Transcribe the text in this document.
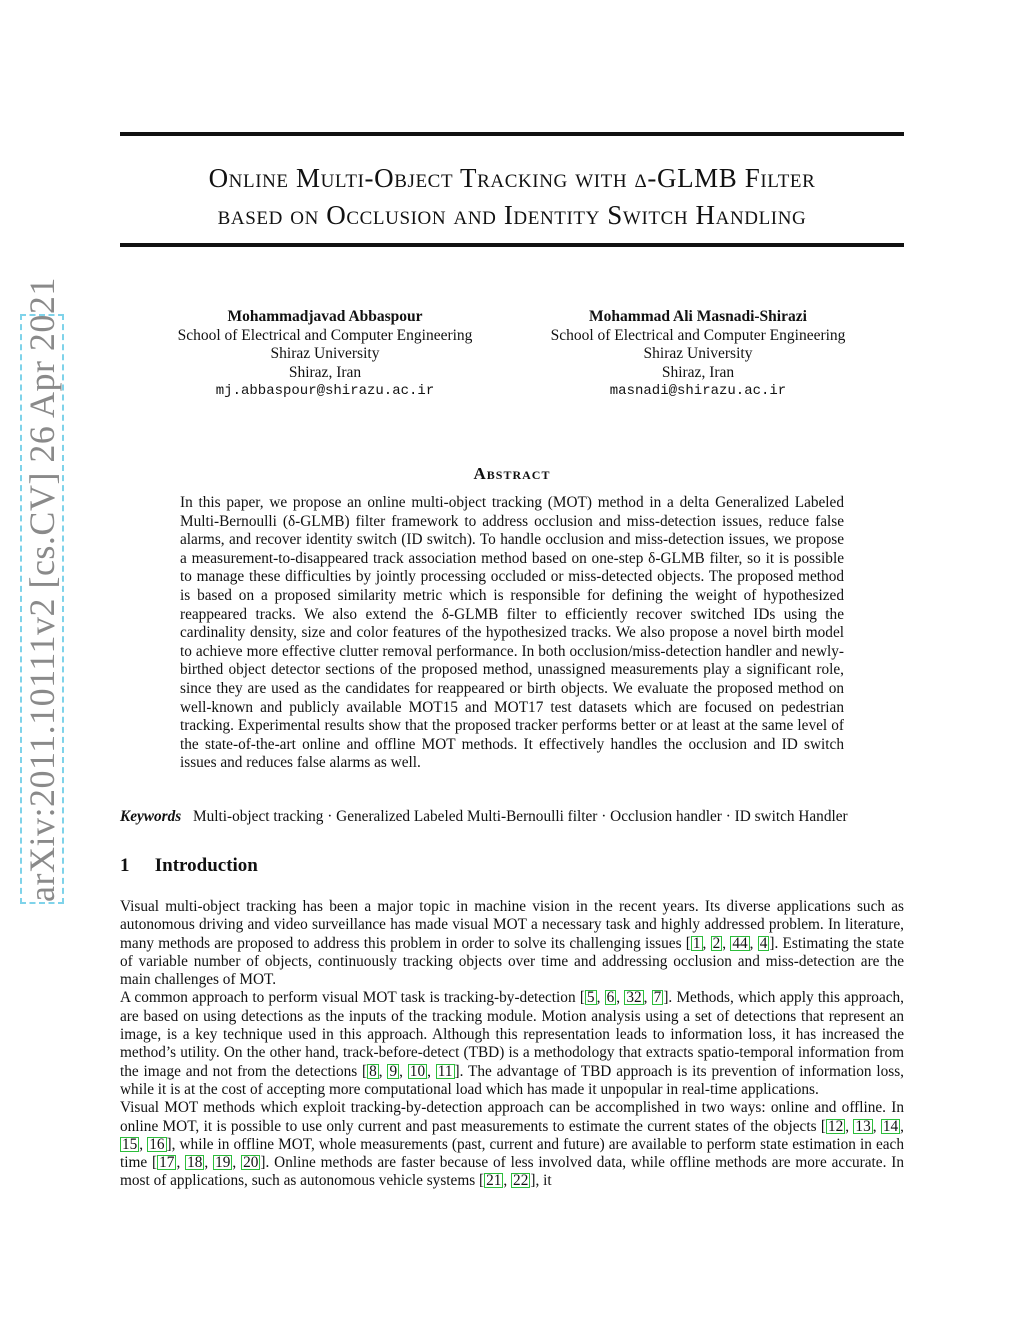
arXiv:2011.10111v2 [cs.CV] 26 Apr 2021
Online Multi-Object Tracking with δ-GLMB Filter
based on Occlusion and Identity Switch Handling
Mohammadjavad Abbaspour
School of Electrical and Computer Engineering
Shiraz University
Shiraz, Iran
mj.abbaspour@shirazu.ac.ir
Mohammad Ali Masnadi-Shirazi
School of Electrical and Computer Engineering
Shiraz University
Shiraz, Iran
masnadi@shirazu.ac.ir
Abstract
In this paper, we propose an online multi-object tracking (MOT) method in a delta Generalized Labeled Multi-Bernoulli (δ-GLMB) filter framework to address occlusion and miss-detection issues, reduce false alarms, and recover identity switch (ID switch). To handle occlusion and miss-detection issues, we propose a measurement-to-disappeared track association method based on one-step δ-GLMB filter, so it is possible to manage these difficulties by jointly processing occluded or miss-detected objects. The proposed method is based on a proposed similarity metric which is responsible for defining the weight of hypothesized reappeared tracks. We also extend the δ-GLMB filter to efficiently recover switched IDs using the cardinality density, size and color features of the hypothesized tracks. We also propose a novel birth model to achieve more effective clutter removal performance. In both occlusion/miss-detection handler and newly-birthed object detector sections of the proposed method, unassigned measurements play a significant role, since they are used as the candidates for reappeared or birth objects. We evaluate the proposed method on well-known and publicly available MOT15 and MOT17 test datasets which are focused on pedestrian tracking. Experimental results show that the proposed tracker performs better or at least at the same level of the state-of-the-art online and offline MOT methods. It effectively handles the occlusion and ID switch issues and reduces false alarms as well.
Keywords Multi-object tracking · Generalized Labeled Multi-Bernoulli filter · Occlusion handler · ID switch Handler
1 Introduction

Visual multi-object tracking has been a major topic in machine vision in the recent years. Its diverse applications such as autonomous driving and video surveillance has made visual MOT a necessary task and highly addressed problem. In literature, many methods are proposed to address this problem in order to solve its challenging issues [ 1 , 2 , 44 , 4 ]. Estimating the state of variable number of objects, continuously tracking objects over time and addressing occlusion and miss-detection are the main challenges of MOT.

A common approach to perform visual MOT task is tracking-by-detection [ 5 , 6 , 32 , 7 ]. Methods, which apply this approach, are based on using detections as the inputs of the tracking module. Motion analysis using a set of detections that represent an image, is a key technique used in this approach. Although this representation leads to information loss, it has increased the method’s utility. On the other hand, track-before-detect (TBD) is a methodology that extracts spatio-temporal information from the image and not from the detections [ 8 , 9 , 10 , 11 ]. The advantage of TBD approach is its prevention of information loss, while it is at the cost of accepting more computational load which has made it unpopular in real-time applications.

Visual MOT methods which exploit tracking-by-detection approach can be accomplished in two ways: online and offline. In online MOT, it is possible to use only current and past measurements to estimate the current states of the objects [ 12 , 13 , 14 , 15 , 16 ], while in offline MOT, whole measurements (past, current and future) are available to perform state estimation in each time [ 17 , 18 , 19 , 20 ]. Online methods are faster because of less involved data, while offline methods are more accurate. In most of applications, such as autonomous vehicle systems [ 21 , 22 ], it
